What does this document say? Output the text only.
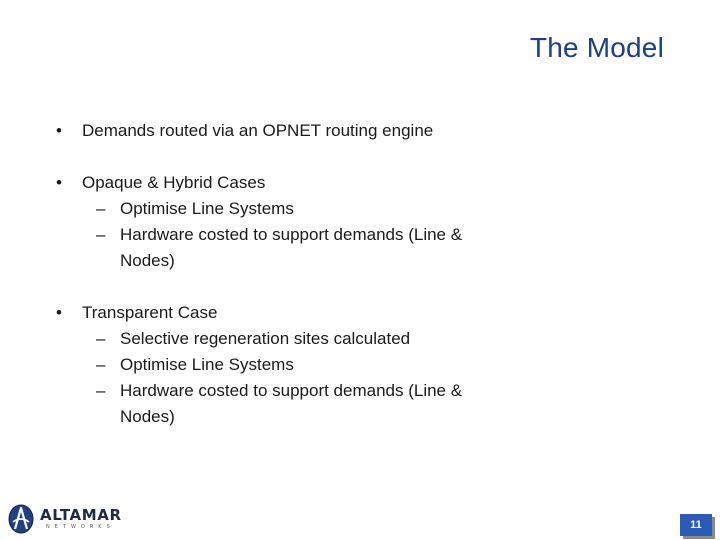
The Model
• Demands routed via an OPNET routing engine
• Opaque & Hybrid Cases
– Optimise Line Systems
– Hardware costed to support demands (Line & Nodes)
• Transparent Case
– Selective regeneration sites calculated
– Optimise Line Systems
– Hardware costed to support demands (Line & Nodes)
ALTAMAR
NETWORKS	11
